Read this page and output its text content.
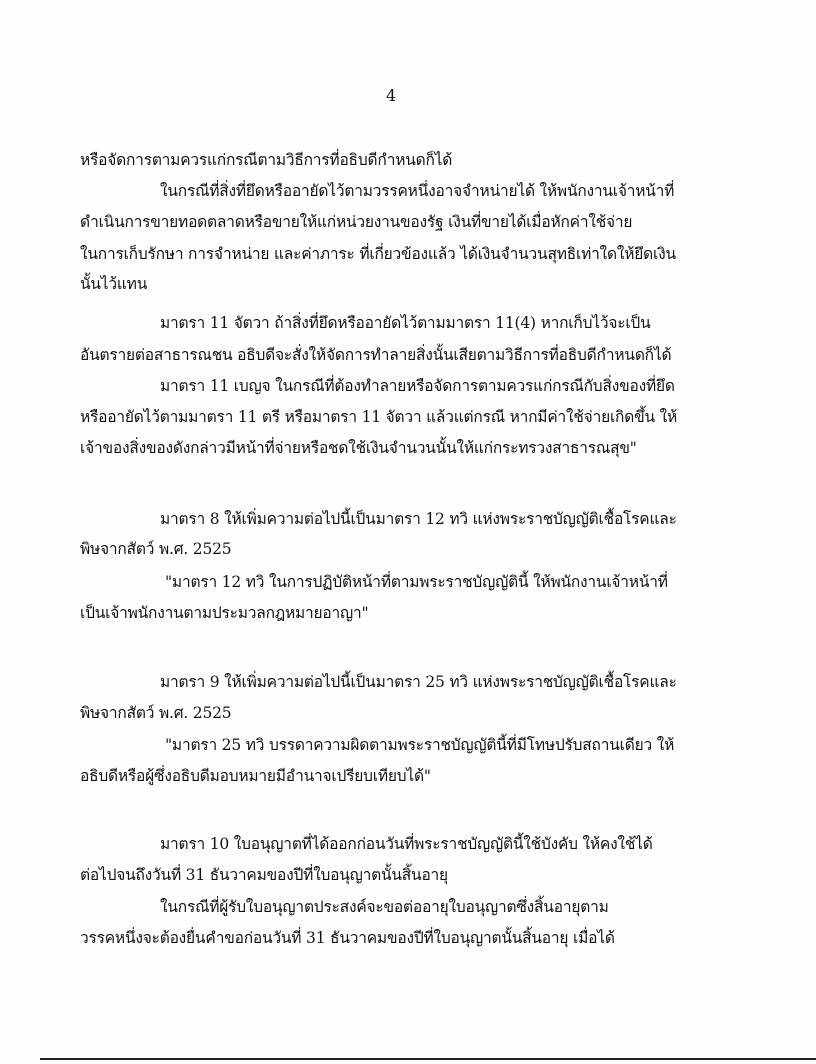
4
หรือจัดการตามควรแก่กรณีตามวิธีการที่อธิบดีกำหนดก็ได้
ในกรณีที่สิ่งที่ยึดหรืออายัดไว้ตามวรรคหนึ่งอาจจำหน่ายได้ ให้พนักงานเจ้าหน้าที่
ดำเนินการขายทอดตลาดหรือขายให้แก่หน่วยงานของรัฐ เงินที่ขายได้เมื่อหักค่าใช้จ่าย
ในการเก็บรักษา การจำหน่าย และค่าภาระ ที่เกี่ยวข้องแล้ว ได้เงินจำนวนสุทธิเท่าใดให้ยึดเงิน
นั้นไว้แทน
มาตรา 11 จัตวา ถ้าสิ่งที่ยึดหรืออายัดไว้ตามมาตรา 11(4) หากเก็บไว้จะเป็น
อันตรายต่อสาธารณชน อธิบดีจะสั่งให้จัดการทำลายสิ่งนั้นเสียตามวิธีการที่อธิบดีกำหนดก็ได้
มาตรา 11 เบญจ ในกรณีที่ต้องทำลายหรือจัดการตามควรแก่กรณีกับสิ่งของที่ยึด
หรืออายัดไว้ตามมาตรา 11 ตรี หรือมาตรา 11 จัตวา แล้วแต่กรณี หากมีค่าใช้จ่ายเกิดขึ้น ให้
เจ้าของสิ่งของดังกล่าวมีหน้าที่จ่ายหรือชดใช้เงินจำนวนนั้นให้แก่กระทรวงสาธารณสุข"
มาตรา 8 ให้เพิ่มความต่อไปนี้เป็นมาตรา 12 ทวิ แห่งพระราชบัญญัติเชื้อโรคและ
พิษจากสัตว์ พ.ศ. 2525
"มาตรา 12 ทวิ ในการปฏิบัติหน้าที่ตามพระราชบัญญัตินี้ ให้พนักงานเจ้าหน้าที่
เป็นเจ้าพนักงานตามประมวลกฎหมายอาญา"
มาตรา 9 ให้เพิ่มความต่อไปนี้เป็นมาตรา 25 ทวิ แห่งพระราชบัญญัติเชื้อโรคและ
พิษจากสัตว์ พ.ศ. 2525
"มาตรา 25 ทวิ บรรดาความผิดตามพระราชบัญญัตินี้ที่มีโทษปรับสถานเดียว ให้
อธิบดีหรือผู้ซึ่งอธิบดีมอบหมายมีอำนาจเปรียบเทียบได้"
มาตรา 10 ใบอนุญาตที่ได้ออกก่อนวันที่พระราชบัญญัตินี้ใช้บังคับ ให้คงใช้ได้
ต่อไปจนถึงวันที่ 31 ธันวาคมของปีที่ใบอนุญาตนั้นสิ้นอายุ
ในกรณีที่ผู้รับใบอนุญาตประสงค์จะขอต่ออายุใบอนุญาตซึ่งสิ้นอายุตาม
วรรคหนึ่งจะต้องยื่นคำขอก่อนวันที่ 31 ธันวาคมของปีที่ใบอนุญาตนั้นสิ้นอายุ เมื่อได้
